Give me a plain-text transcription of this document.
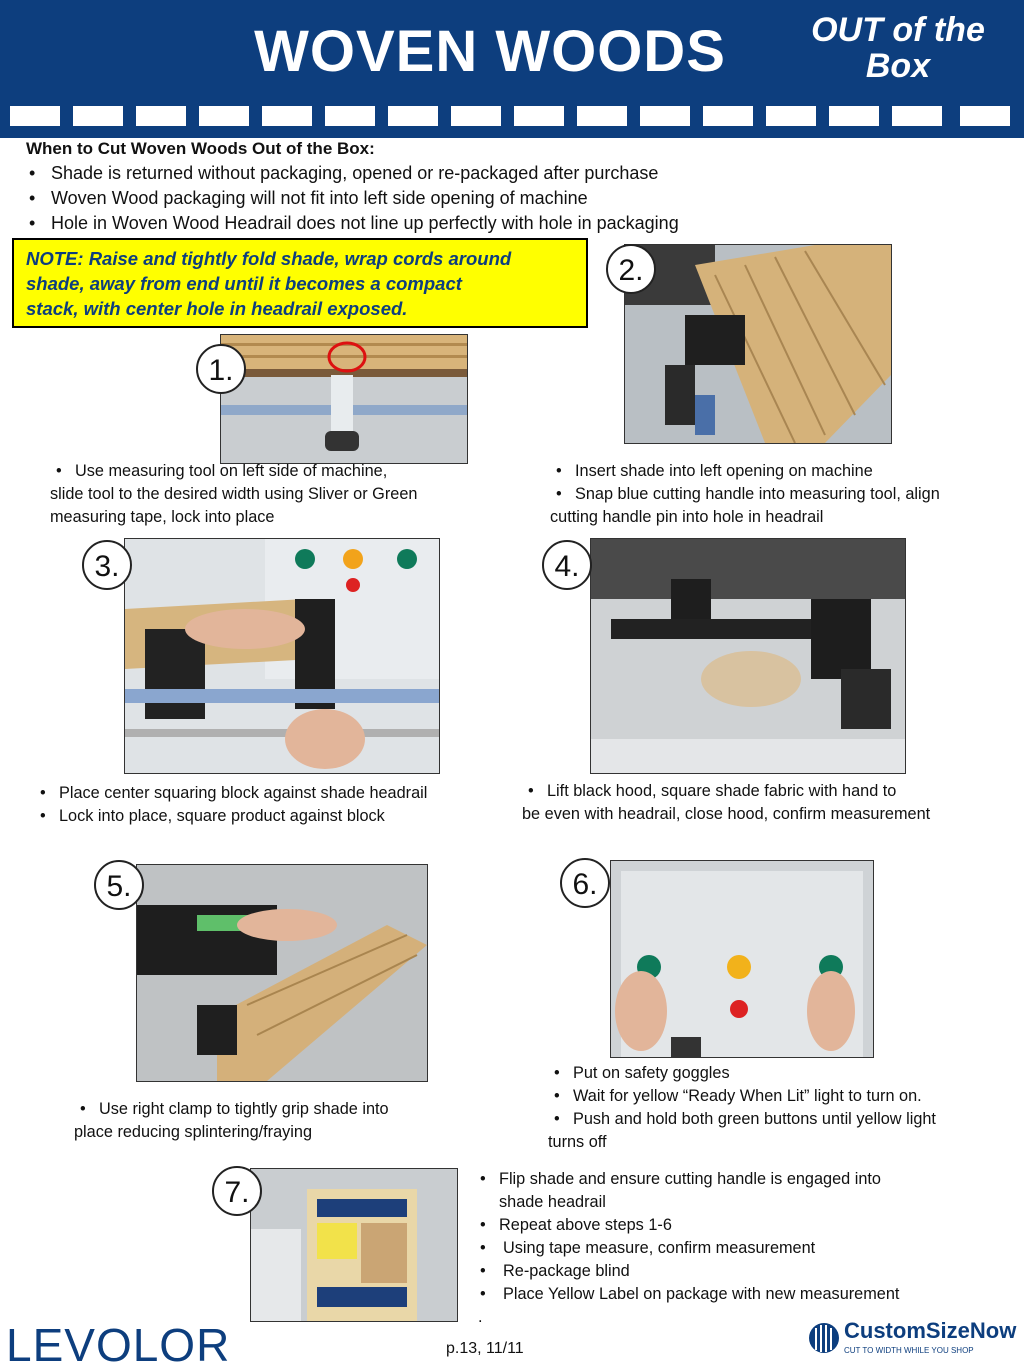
WOVEN WOODS	OUT of the
Box
When to Cut Woven Woods Out of the Box:
• Shade is returned without packaging, opened or re-packaged after purchase
• Woven Wood packaging will not fit into left side opening of machine
• Hole in Woven Wood Headrail does not line up perfectly with hole in packaging
NOTE: Raise and tightly fold shade, wrap cords around
shade, away from end until it becomes a compact
stack, with center hole in headrail exposed.
1.
• Use measuring tool on left side of machine,
slide tool to the desired width using Sliver or Green
measuring tape, lock into place
2.
• Insert shade into left opening on machine
• Snap blue cutting handle into measuring tool, align
cutting handle pin into hole in headrail
3.
• Place center squaring block against shade headrail
• Lock into place, square product against block
4.
• Lift black hood, square shade fabric with hand to
be even with headrail, close hood, confirm measurement
5.
• Use right clamp to tightly grip shade into
place reducing splintering/fraying
6.
• Put on safety goggles
• Wait for yellow “Ready When Lit” light to turn on.
• Push and hold both green buttons until yellow light
turns off
7.
•	Flip shade and ensure cutting handle is engaged into
shade headrail
• Repeat above steps 1-6
• Using tape measure, confirm measurement
• Re-package blind
• Place Yellow Label on package with new measurement
.
LEVOLOR	p.13, 11/11
CustomSizeNow
CUT TO WIDTH WHILE YOU SHOP
